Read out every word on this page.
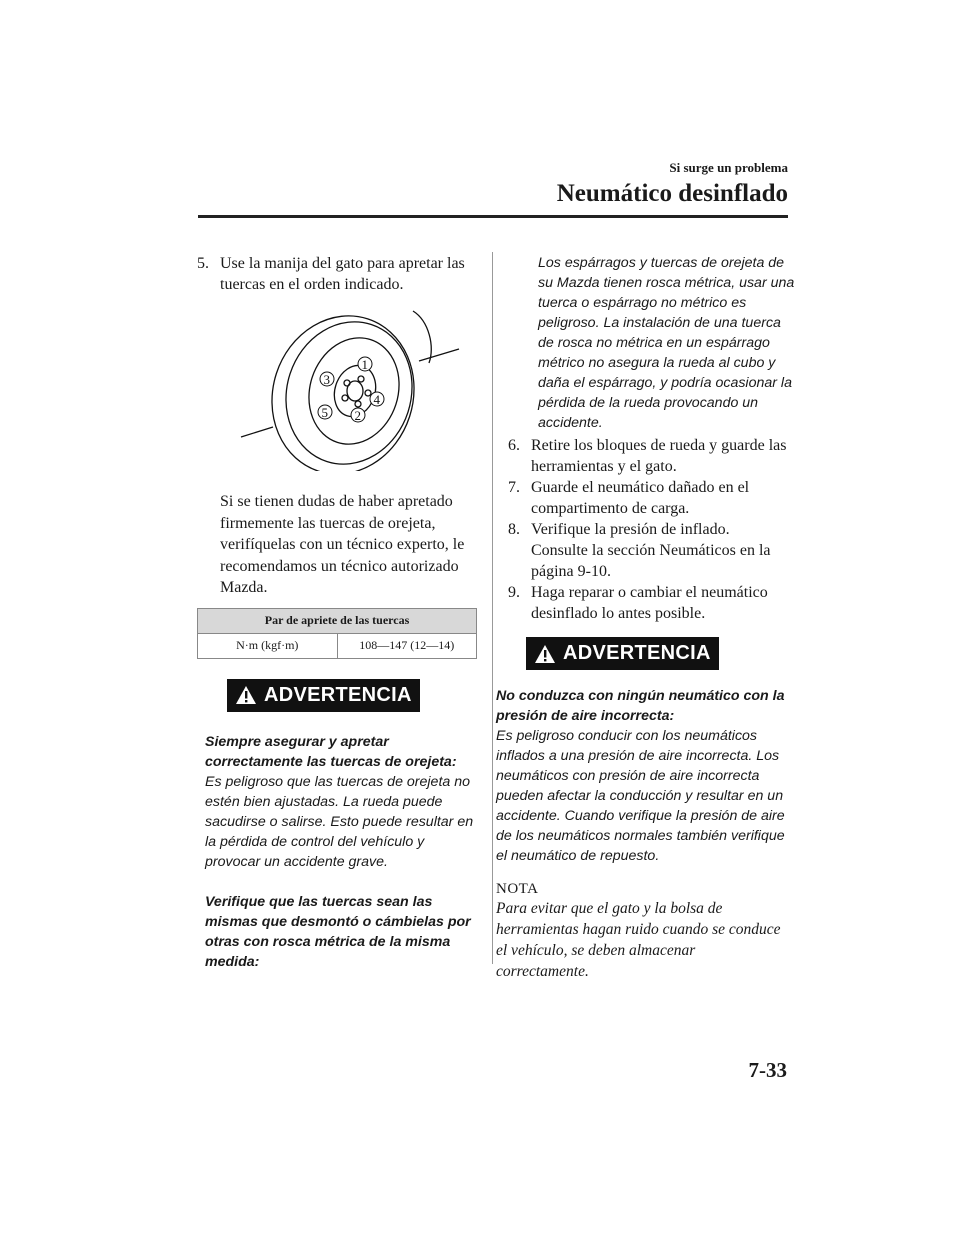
Si surge un problema
Neumático desinflado
5. Use la manija del gato para apretar las tuercas en el orden indicado.
1
2
3
4
5
Si se tienen dudas de haber apretado firmemente las tuercas de orejeta, verifíquelas con un técnico experto, le recomendamos un técnico autorizado Mazda.
Par de apriete de las tuercas
N·m (kgf·m)	108―147 (12―14)
ADVERTENCIA
Siempre asegurar y apretar correctamente las tuercas de orejeta:
Es peligroso que las tuercas de orejeta no estén bien ajustadas. La rueda puede sacudirse o salirse. Esto puede resultar en la pérdida de control del vehículo y provocar un accidente grave.
Verifique que las tuercas sean las mismas que desmontó o cámbielas por otras con rosca métrica de la misma medida:
Los espárragos y tuercas de orejeta de su Mazda tienen rosca métrica, usar una tuerca o espárrago no métrico es peligroso. La instalación de una tuerca de rosca no métrica en un espárrago métrico no asegura la rueda al cubo y daña el espárrago, y podría ocasionar la pérdida de la rueda provocando un accidente.
6. Retire los bloques de rueda y guarde las herramientas y el gato.
7. Guarde el neumático dañado en el compartimento de carga.
8. Verifique la presión de inflado. Consulte la sección Neumáticos en la página 9-10.
9. Haga reparar o cambiar el neumático desinflado lo antes posible.
ADVERTENCIA
No conduzca con ningún neumático con la presión de aire incorrecta:
Es peligroso conducir con los neumáticos inflados a una presión de aire incorrecta. Los neumáticos con presión de aire incorrecta pueden afectar la conducción y resultar en un accidente. Cuando verifique la presión de aire de los neumáticos normales también verifique el neumático de repuesto.
NOTA
Para evitar que el gato y la bolsa de herramientas hagan ruido cuando se conduce el vehículo, se deben almacenar correctamente.
7-33
